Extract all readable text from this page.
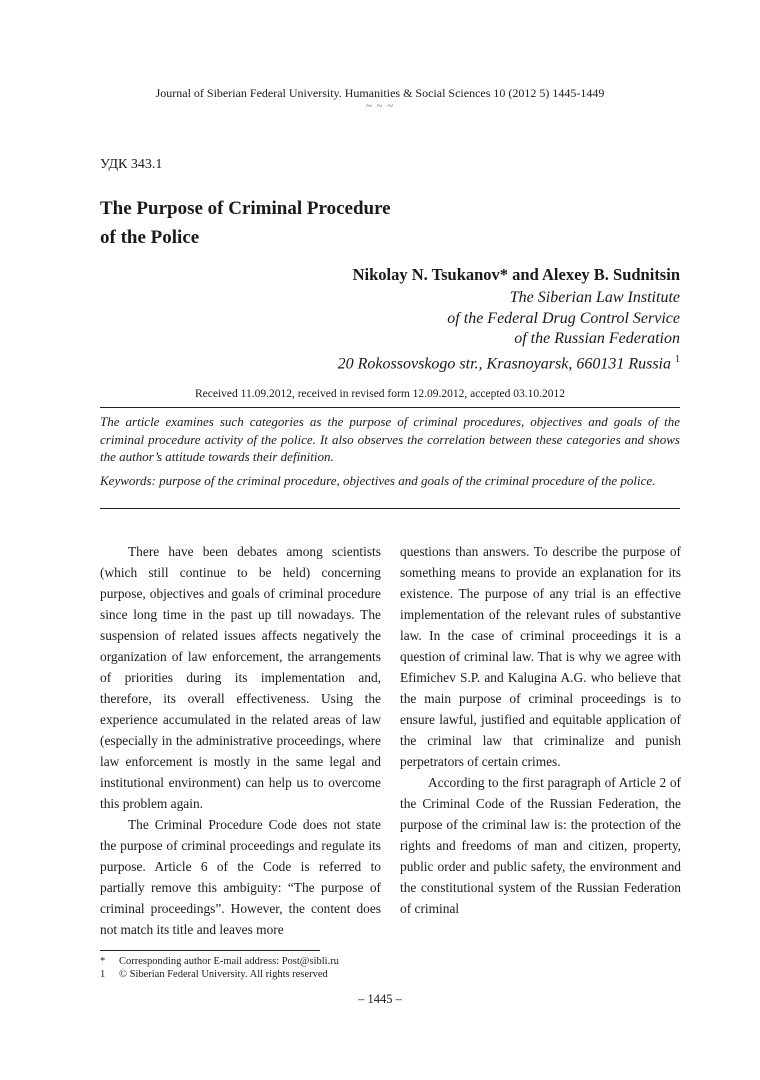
Journal of Siberian Federal University. Humanities & Social Sciences 10 (2012 5) 1445-1449
~ ~ ~
УДК 343.1
The Purpose of Criminal Procedure
of the Police
Nikolay N. Tsukanov* and Alexey B. Sudnitsin
The Siberian Law Institute
of the Federal Drug Control Service
of the Russian Federation
20 Rokossovskogo str., Krasnoyarsk, 660131 Russia $^1$
Received 11.09.2012, received in revised form 12.09.2012, accepted 03.10.2012
The article examines such categories as the purpose of criminal procedures, objectives and goals of the criminal procedure activity of the police. It also observes the correlation between these categories and shows the author’s attitude towards their definition.
Keywords: purpose of the criminal procedure, objectives and goals of the criminal procedure of the police.

There have been debates among scientists (which still continue to be held) concerning purpose, objectives and goals of criminal procedure since long time in the past up till nowadays. The suspension of related issues affects negatively the organization of law enforcement, the arrangements of priorities during its implementation and, therefore, its overall effectiveness. Using the experience accumulated in the related areas of law (especially in the administrative proceedings, where law enforcement is mostly in the same legal and institutional environment) can help us to overcome this problem again.

The Criminal Procedure Code does not state the purpose of criminal proceedings and regulate its purpose. Article 6 of the Code is referred to partially remove this ambiguity: “The purpose of criminal proceedings”. However, the content does not match its title and leaves more

questions than answers. To describe the purpose of something means to provide an explanation for its existence. The purpose of any trial is an effective implementation of the relevant rules of substantive law. In the case of criminal proceedings it is a question of criminal law. That is why we agree with Efimichev S.P. and Kalugina A.G. who believe that the main purpose of criminal proceedings is to ensure lawful, justified and equitable application of the criminal law that criminalize and punish perpetrators of certain crimes.

According to the first paragraph of Article 2 of the Criminal Code of the Russian Federation, the purpose of the criminal law is: the protection of the rights and freedoms of man and citizen, property, public order and public safety, the environment and the constitutional system of the Russian Federation of criminal

* Corresponding author E-mail address: Post@sibli.ru
1 © Siberian Federal University. All rights reserved
– 1445 –
